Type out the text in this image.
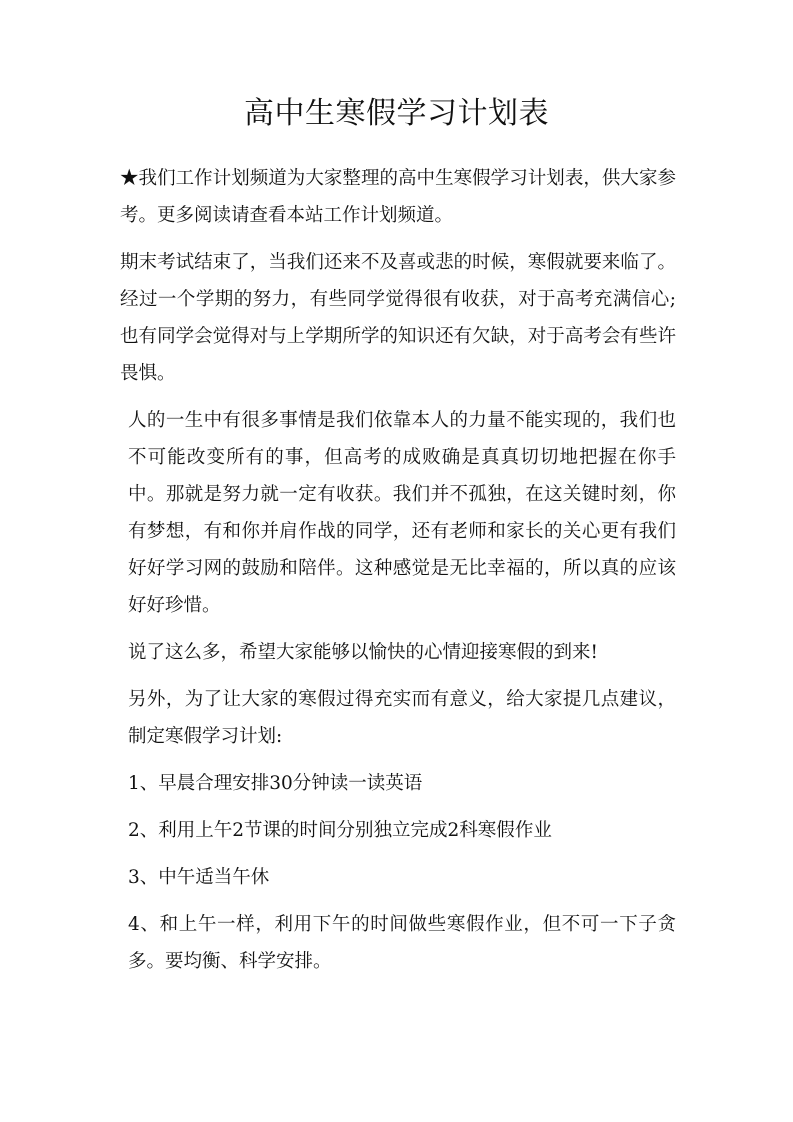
高中生寒假学习计划表

★我们工作计划频道为大家整理的高中生寒假学习计划表，供大家参考。更多阅读请查看本站工作计划频道。

期末考试结束了，当我们还来不及喜或悲的时候，寒假就要来临了。经过一个学期的努力，有些同学觉得很有收获，对于高考充满信心;也有同学会觉得对与上学期所学的知识还有欠缺，对于高考会有些许畏惧。

人的一生中有很多事情是我们依靠本人的力量不能实现的，我们也不可能改变所有的事，但高考的成败确是真真切切地把握在你手中。那就是努力就一定有收获。我们并不孤独，在这关键时刻，你有梦想，有和你并肩作战的同学，还有老师和家长的关心更有我们好好学习网的鼓励和陪伴。这种感觉是无比幸福的，所以真的应该好好珍惜。

说了这么多，希望大家能够以愉快的心情迎接寒假的到来!

另外，为了让大家的寒假过得充实而有意义，给大家提几点建议，制定寒假学习计划:

1、早晨合理安排30分钟读一读英语

2、利用上午2节课的时间分别独立完成2科寒假作业

3、中午适当午休

4、和上午一样，利用下午的时间做些寒假作业，但不可一下子贪多。要均衡、科学安排。
